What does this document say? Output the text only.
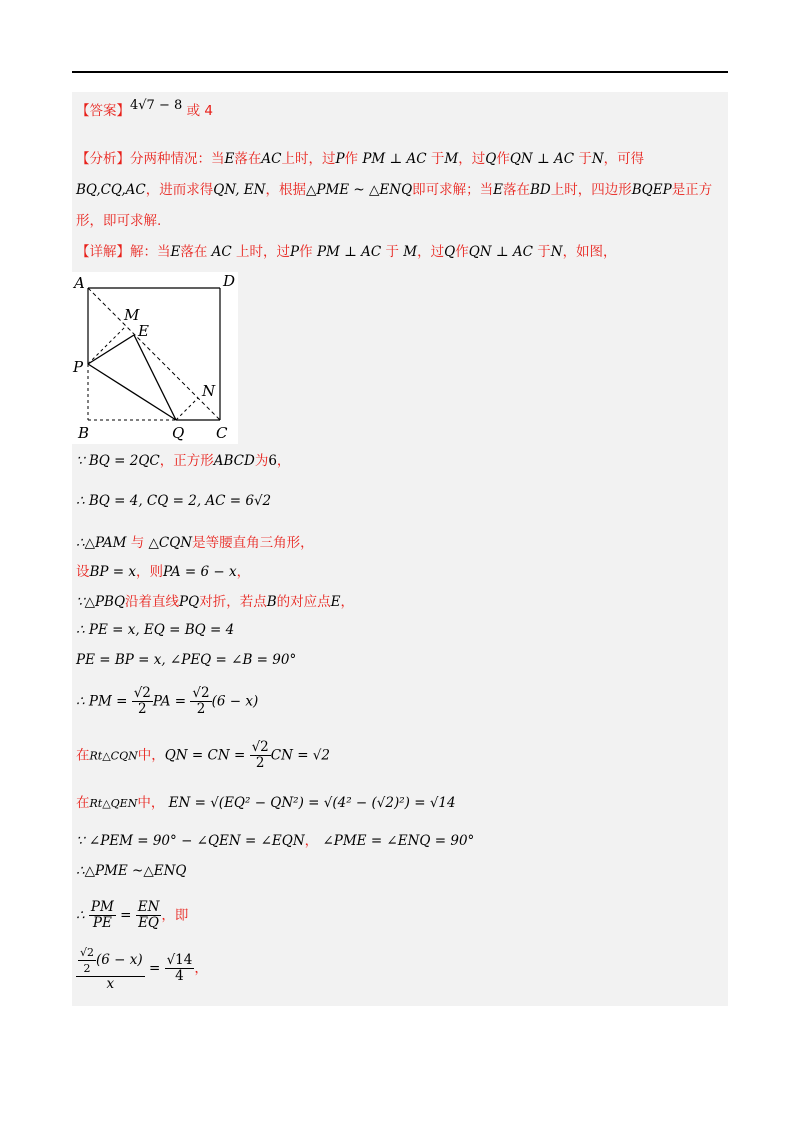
【答案】4√7 − 8 或 4
【分析】分两种情况：当E落在AC上时，过P作 PM ⊥ AC 于M，过Q作QN ⊥ AC 于N，可得
BQ,CQ,AC，进而求得QN, EN，根据△PME ~ △ENQ即可求解；当E落在BD上时，四边形BQEP是正方
形，即可求解.
【详解】解：当E落在 AC 上时，过P作 PM ⊥ AC 于 M，过Q作QN ⊥ AC 于N，如图，
A	D
M
E
P
N
B	Q C
∵ BQ = 2QC，正方形ABCD为6，
∴ BQ = 4, CQ = 2, AC = 6√2
∴△PAM 与 △CQN是等腰直角三角形，
设BP = x，则PA = 6 − x，
∵△PBQ沿着直线PQ对折，若点B的对应点E，
∴ PE = x, EQ = BQ = 4
PE = BP = x, ∠PEQ = ∠B = 90°
∴ PM = $\frac{√2}{2}$ PA = $\frac{√2}{2} (6 - x)$
在Rt△CQN中，QN = CN = $\frac{√2}{2}$ CN = √2
在Rt△QEN中， EN = √(EQ² − QN²) = √(4² − (√2)²) = √14
∵ ∠PEM = 90° − ∠QEN = ∠EQN， ∠PME = ∠ENQ = 90°
∴△PME ~△ENQ
∴ $\frac{PM}{PE} = \frac{EN}{EQ}$ ，即
$\frac{\frac{√2}{2} (6 - x)}{x} = \frac{√14}{4}$ ，
